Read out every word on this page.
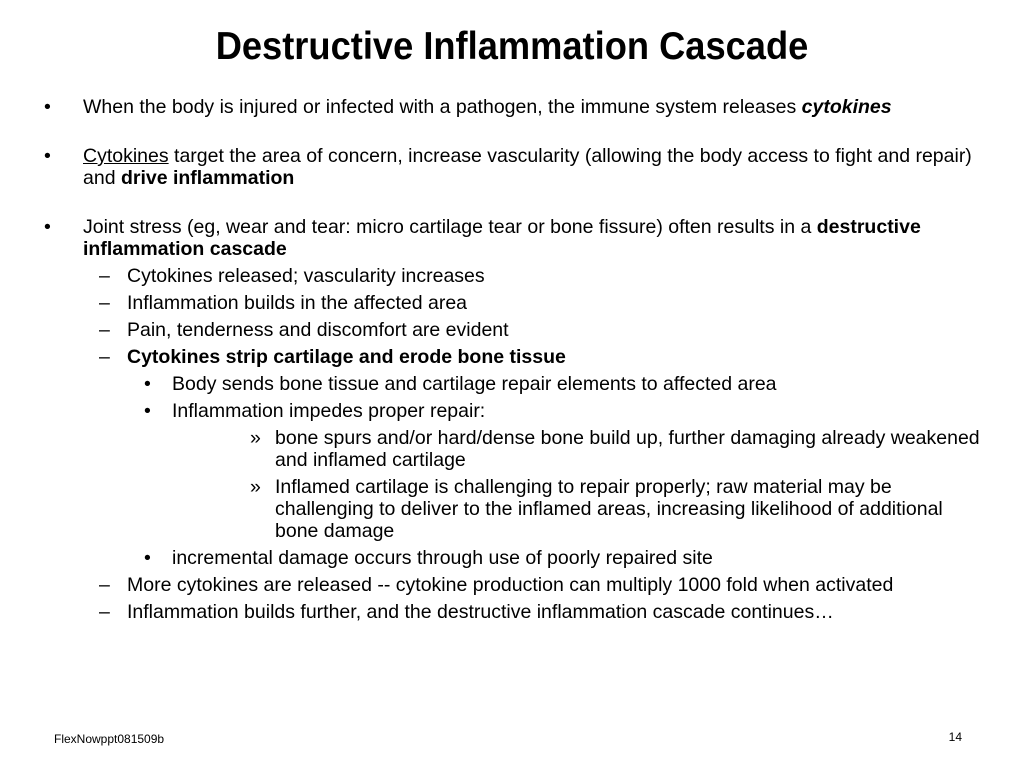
Destructive Inflammation Cascade
• When the body is injured or infected with a pathogen, the immune system releases cytokines
• Cytokines target the area of concern, increase vascularity (allowing the body access to fight and repair) and drive inflammation
• Joint stress (eg, wear and tear: micro cartilage tear or bone fissure) often results in a destructive inflammation cascade
– Cytokines released; vascularity increases
– Inflammation builds in the affected area
– Pain, tenderness and discomfort are evident
– Cytokines strip cartilage and erode bone tissue
• Body sends bone tissue and cartilage repair elements to affected area
• Inflammation impedes proper repair:
» bone spurs and/or hard/dense bone build up, further damaging already weakened and inflamed cartilage
» Inflamed cartilage is challenging to repair properly; raw material may be challenging to deliver to the inflamed areas, increasing likelihood of additional bone damage
• incremental damage occurs through use of poorly repaired site
– More cytokines are released -- cytokine production can multiply 1000 fold when activated
– Inflammation builds further, and the destructive inflammation cascade continues…
FlexNowppt081509b	14
